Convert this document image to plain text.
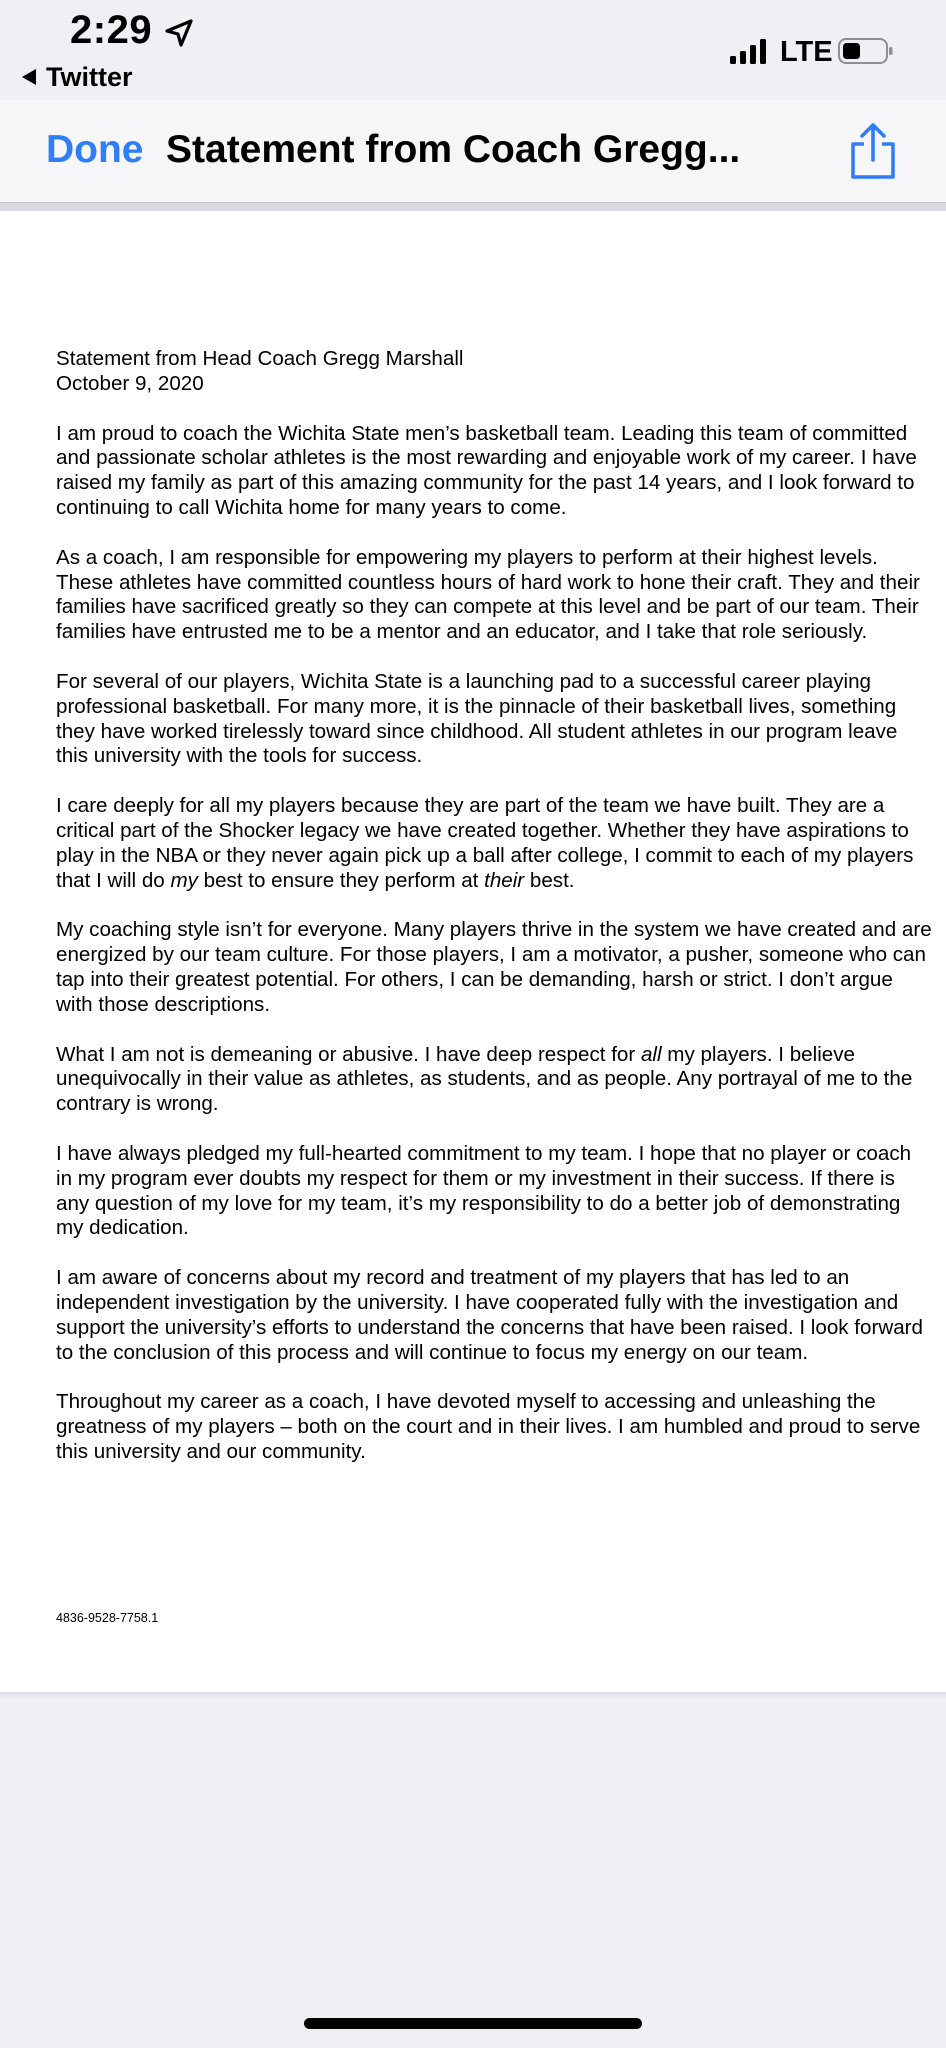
2:29
Twitter
LTE
Done Statement from Coach Gregg...
Statement from Head Coach Gregg Marshall
October 9, 2020

I am proud to coach the Wichita State men’s basketball team. Leading this team of committed
and passionate scholar athletes is the most rewarding and enjoyable work of my career. I have
raised my family as part of this amazing community for the past 14 years, and I look forward to
continuing to call Wichita home for many years to come.

As a coach, I am responsible for empowering my players to perform at their highest levels.
These athletes have committed countless hours of hard work to hone their craft. They and their
families have sacrificed greatly so they can compete at this level and be part of our team. Their
families have entrusted me to be a mentor and an educator, and I take that role seriously.

For several of our players, Wichita State is a launching pad to a successful career playing
professional basketball. For many more, it is the pinnacle of their basketball lives, something
they have worked tirelessly toward since childhood. All student athletes in our program leave
this university with the tools for success.

I care deeply for all my players because they are part of the team we have built. They are a
critical part of the Shocker legacy we have created together. Whether they have aspirations to
play in the NBA or they never again pick up a ball after college, I commit to each of my players
that I will do my best to ensure they perform at their best.

My coaching style isn’t for everyone. Many players thrive in the system we have created and are
energized by our team culture. For those players, I am a motivator, a pusher, someone who can
tap into their greatest potential. For others, I can be demanding, harsh or strict. I don’t argue
with those descriptions.

What I am not is demeaning or abusive. I have deep respect for all my players. I believe
unequivocally in their value as athletes, as students, and as people. Any portrayal of me to the
contrary is wrong.

I have always pledged my full-hearted commitment to my team. I hope that no player or coach
in my program ever doubts my respect for them or my investment in their success. If there is
any question of my love for my team, it’s my responsibility to do a better job of demonstrating
my dedication.

I am aware of concerns about my record and treatment of my players that has led to an
independent investigation by the university. I have cooperated fully with the investigation and
support the university’s efforts to understand the concerns that have been raised. I look forward
to the conclusion of this process and will continue to focus my energy on our team.

Throughout my career as a coach, I have devoted myself to accessing and unleashing the
greatness of my players – both on the court and in their lives. I am humbled and proud to serve
this university and our community.

4836-9528-7758.1
